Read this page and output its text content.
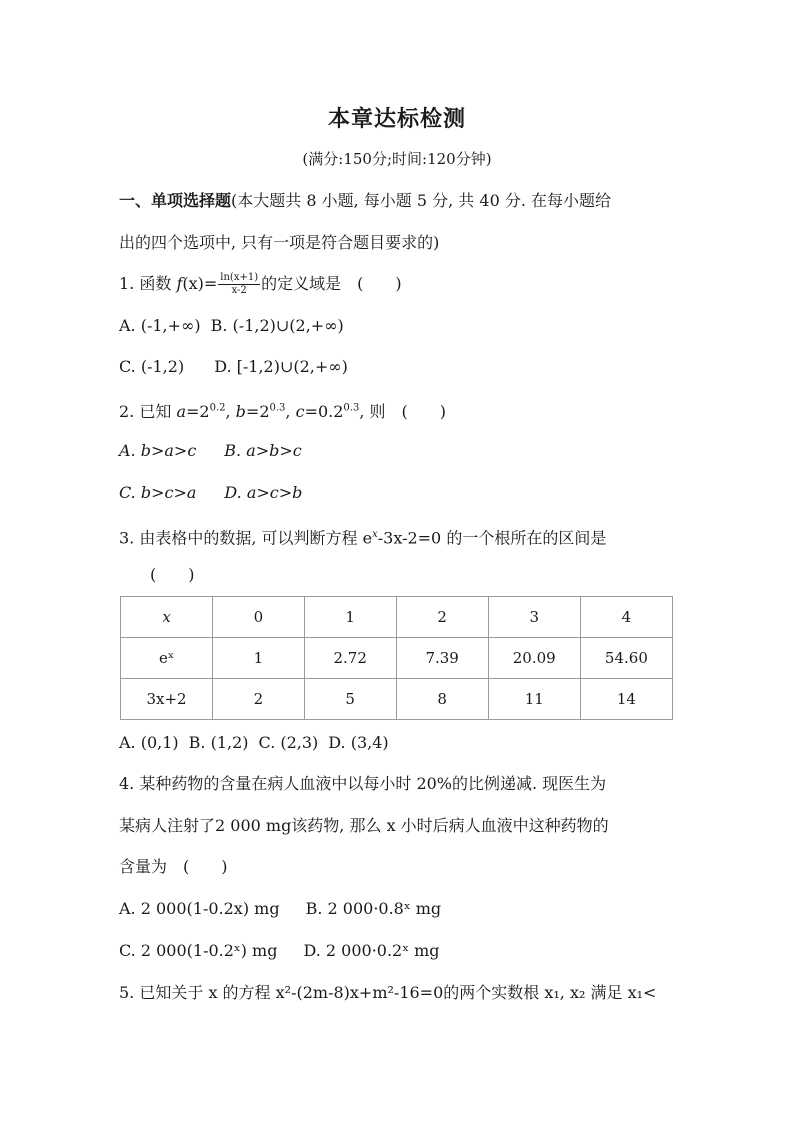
本章达标检测
(满分:150分;时间:120分钟)
一、单项选择题(本大题共 8 小题, 每小题 5 分, 共 40 分. 在每小题给
出的四个选项中, 只有一项是符合题目要求的)
1. 函数 $f(x)= \frac{\ln(x+1)}{x-2}$ 的定义域是 (　　)
A. (-1,+∞) B. (-1,2)∪(2,+∞)
C. (-1,2) D. [-1,2)∪(2,+∞)
2. 已知 $a=2^{0.2}$, $b=2^{0.3}$, $c=0.2^{0.3}$, 则 (　　)
A. b>a>c B. a>b>c
C. b>c>a D. a>c>b
3. 由表格中的数据, 可以判断方程 $e^x-3x-2=0$ 的一个根所在的区间是
(　　)
x	0	1	2	3	4
eˣ	1	2.72	7.39	20.09	54.60
3x+2	2	5	8	11	14
A. (0,1) B. (1,2) C. (2,3) D. (3,4)
4. 某种药物的含量在病人血液中以每小时 20%的比例递减. 现医生为
某病人注射了2 000 mg该药物, 那么 x 小时后病人血液中这种药物的
含量为 (　　)
A. 2 000(1-0.2x) mg B. 2 000·0.8ˣ mg
C. 2 000(1-0.2ˣ) mg D. 2 000·0.2ˣ mg
5. 已知关于 x 的方程 x²-(2m-8)x+m²-16=0的两个实数根 x₁, x₂ 满足 x₁<
